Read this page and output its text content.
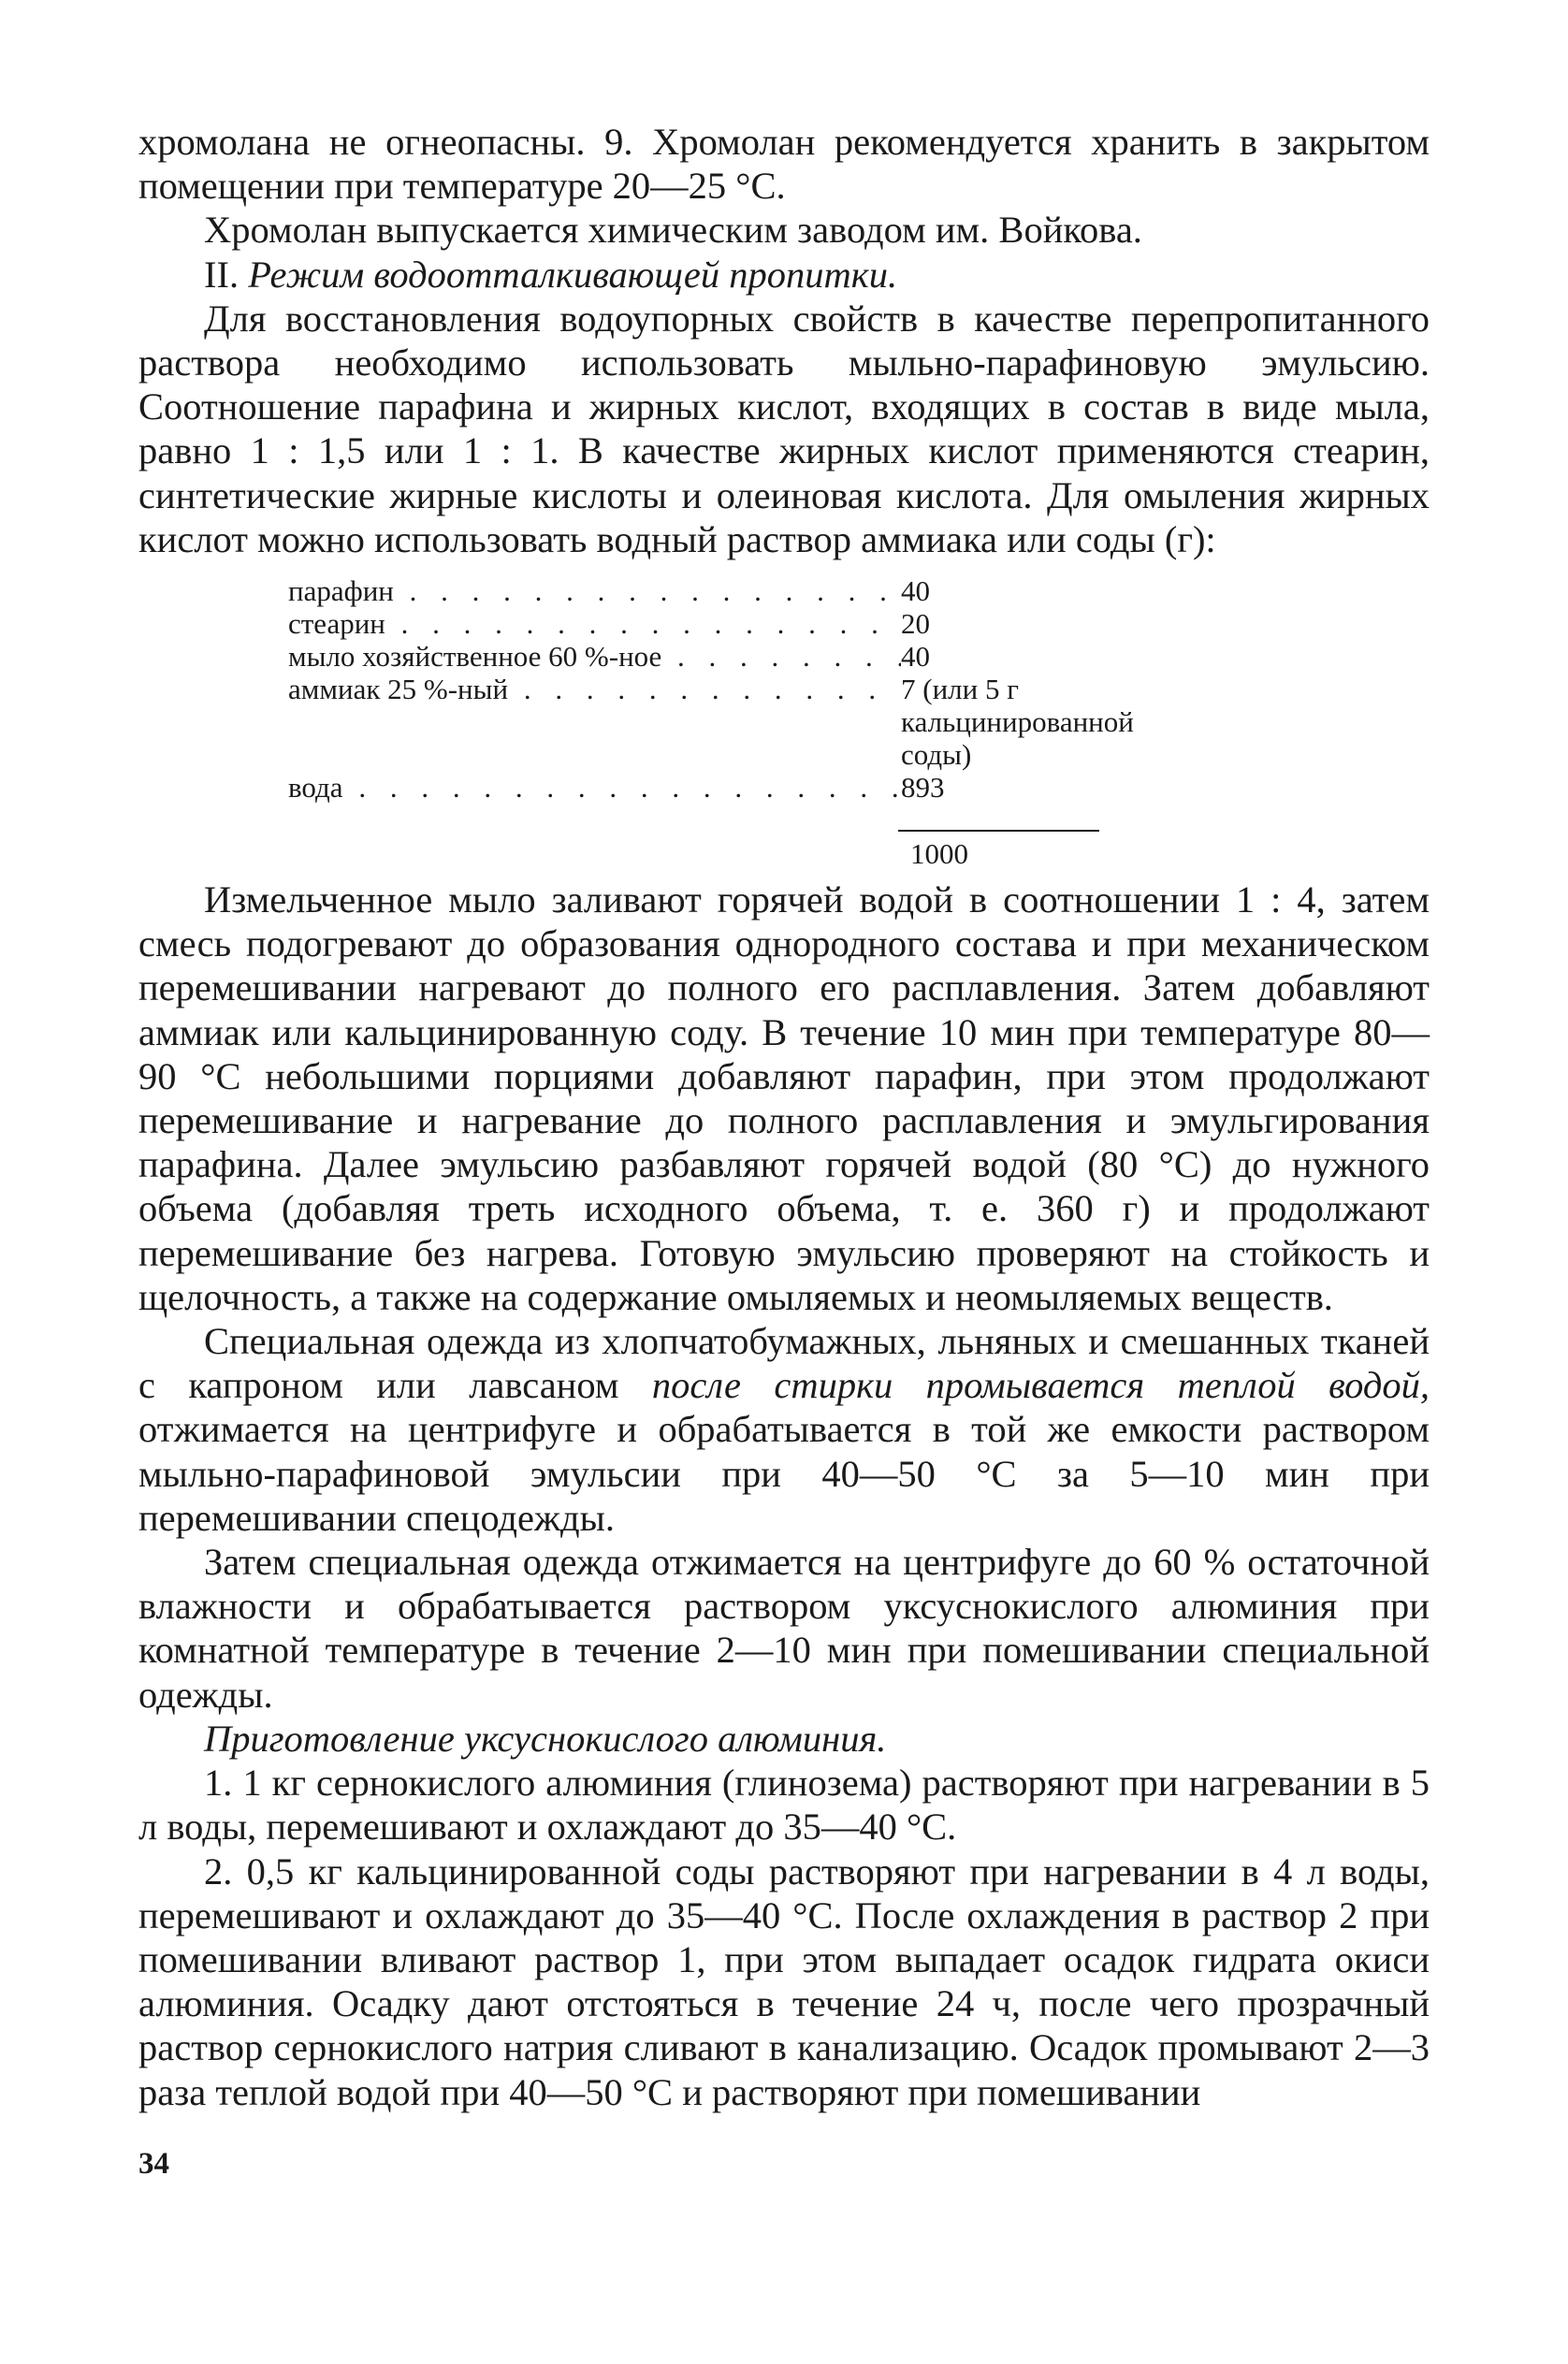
хромолана не огнеопасны. 9. Хромолан рекомендуется хранить в закрытом помещении при температуре 20—25 °С.

Хромолан выпускается химическим заводом им. Войкова.

II. Режим водоотталкивающей пропитки.

Для восстановления водоупорных свойств в качестве перепропитанного раствора необходимо использовать мыльно-парафиновую эмульсию. Соотношение парафина и жирных кислот, входящих в состав в виде мыла, равно 1 : 1,5 или 1 : 1. В качестве жирных кислот применяются стеарин, синтетические жирные кислоты и олеиновая кислота. Для омыления жирных кислот можно использовать водный раствор аммиака или соды (г):

парафин . . .	40
стеарин . . .	20
мыло хозяйственное 60 %-ное . . .	40
аммиак 25 %-ный . . .	7 (или 5 г кальцинированной соды)
вода . . .	893
1000

Измельченное мыло заливают горячей водой в соотношении 1 : 4, затем смесь подогревают до образования однородного состава и при механическом перемешивании нагревают до полного его расплавления. Затем добавляют аммиак или кальцинированную соду. В течение 10 мин при температуре 80—90 °С небольшими порциями добавляют парафин, при этом продолжают перемешивание и нагревание до полного расплавления и эмульгирования парафина. Далее эмульсию разбавляют горячей водой (80 °С) до нужного объема (добавляя треть исходного объема, т. е. 360 г) и продолжают перемешивание без нагрева. Готовую эмульсию проверяют на стойкость и щелочность, а также на содержание омыляемых и неомыляемых веществ.

Специальная одежда из хлопчатобумажных, льняных и смешанных тканей с капроном или лавсаном после стирки промывается теплой водой, отжимается на центрифуге и обрабатывается в той же емкости раствором мыльно-парафиновой эмульсии при 40—50 °С за 5—10 мин при перемешивании спецодежды.

Затем специальная одежда отжимается на центрифуге до 60 % остаточной влажности и обрабатывается раствором уксуснокислого алюминия при комнатной температуре в течение 2—10 мин при помешивании специальной одежды.

Приготовление уксуснокислого алюминия.

1. 1 кг сернокислого алюминия (глинозема) растворяют при нагревании в 5 л воды, перемешивают и охлаждают до 35—40 °С.

2. 0,5 кг кальцинированной соды растворяют при нагревании в 4 л воды, перемешивают и охлаждают до 35—40 °С. После охлаждения в раствор 2 при помешивании вливают раствор 1, при этом выпадает осадок гидрата окиси алюминия. Осадку дают отстояться в течение 24 ч, после чего прозрачный раствор сернокислого натрия сливают в канализацию. Осадок промывают 2—3 раза теплой водой при 40—50 °С и растворяют при помешивании

34
